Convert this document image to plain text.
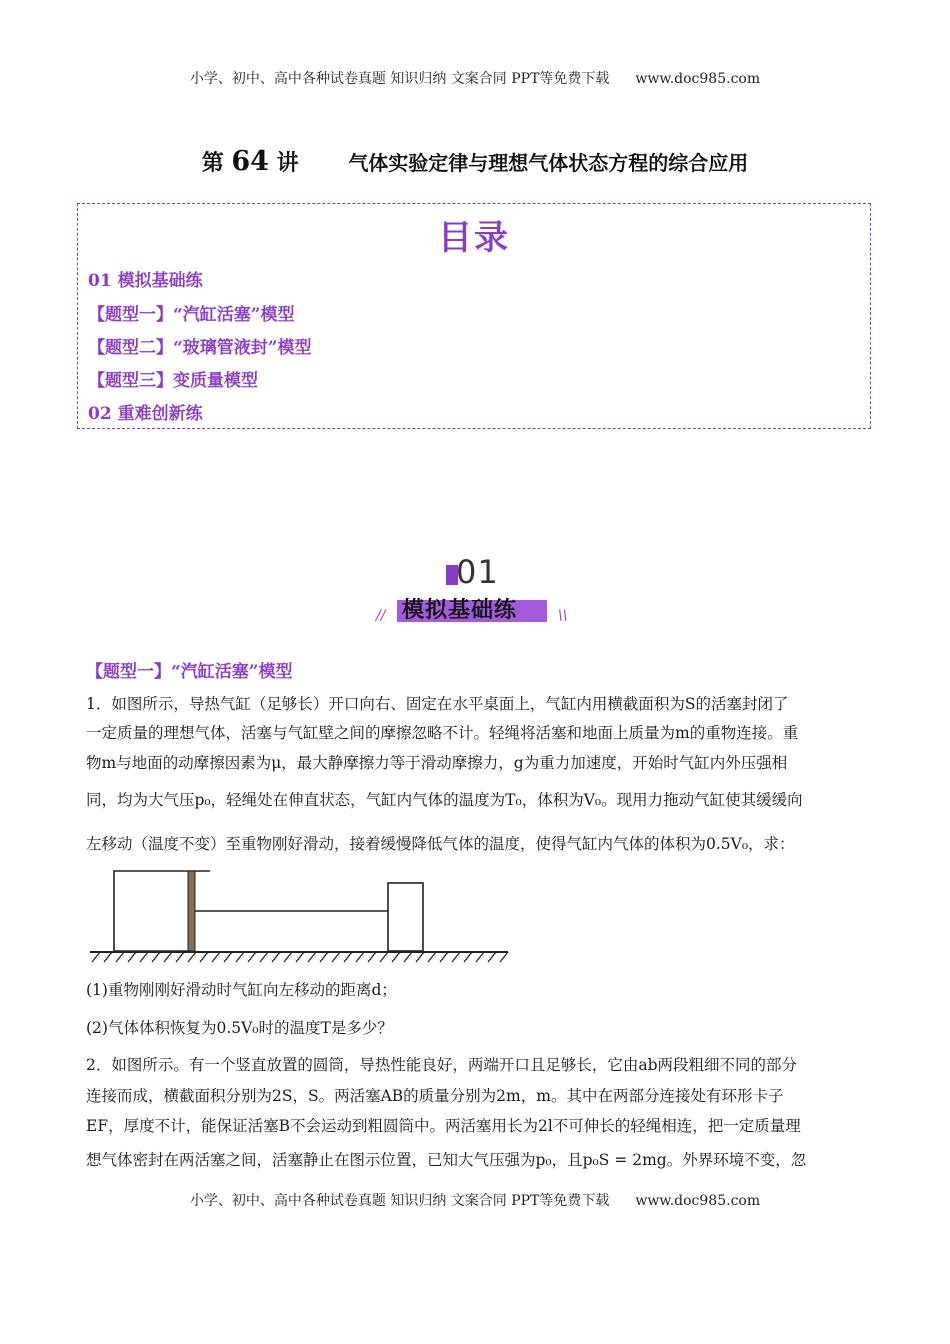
小学、初中、高中各种试卷真题 知识归纳 文案合同 PPT等免费下载 www.doc985.com
第 64 讲 气体实验定律与理想气体状态方程的综合应用
目录
01 模拟基础练
【题型一】“汽缸活塞”模型
【题型二】“玻璃管液封”模型
【题型三】变质量模型
02 重难创新练
01
// 模拟基础练	\\
【题型一】“汽缸活塞”模型
1．如图所示，导热气缸（足够长）开口向右、固定在水平桌面上，气缸内用横截面积为S的活塞封闭了
一定质量的理想气体，活塞与气缸壁之间的摩擦忽略不计。轻绳将活塞和地面上质量为m的重物连接。重
物m与地面的动摩擦因素为μ，最大静摩擦力等于滑动摩擦力，g为重力加速度，开始时气缸内外压强相
同，均为大气压p₀，轻绳处在伸直状态，气缸内气体的温度为T₀，体积为V₀。现用力拖动气缸使其缓缓向
左移动（温度不变）至重物刚好滑动，接着缓慢降低气体的温度，使得气缸内气体的体积为0.5V₀，求：
(1)重物刚刚好滑动时气缸向左移动的距离d；
(2)气体体积恢复为0.5V₀时的温度T是多少？
2．如图所示。有一个竖直放置的圆筒，导热性能良好，两端开口且足够长，它由ab两段粗细不同的部分
连接而成，横截面积分别为2S，S。两活塞AB的质量分别为2m，m。其中在两部分连接处有环形卡子
EF，厚度不计，能保证活塞B不会运动到粗圆筒中。两活塞用长为2l不可伸长的轻绳相连，把一定质量理
想气体密封在两活塞之间，活塞静止在图示位置，已知大气压强为p₀，且p₀S = 2mg。外界环境不变，忽
小学、初中、高中各种试卷真题 知识归纳 文案合同 PPT等免费下载 www.doc985.com
